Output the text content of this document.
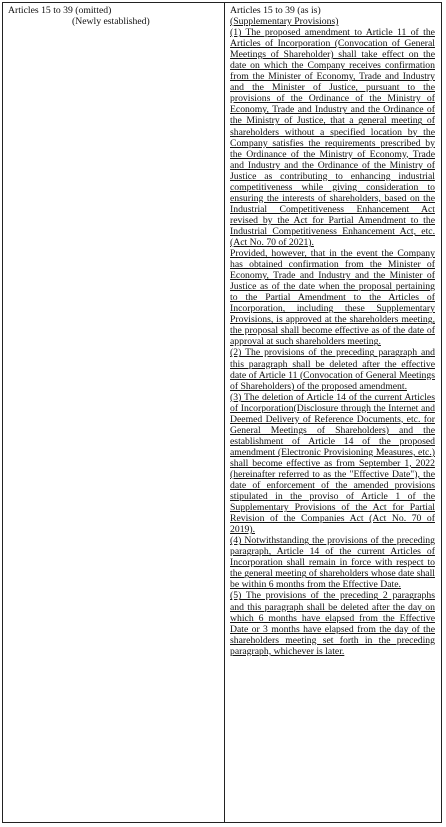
Articles 15 to 39 (omitted)
(Newly established)
Articles 15 to 39 (as is)
(Supplementary Provisions)

(1) The proposed amendment to Article 11 of the Articles of Incorporation (Convocation of General Meetings of Shareholder) shall take effect on the date on which the Company receives confirmation from the Minister of Economy, Trade and Industry and the Minister of Justice, pursuant to the provisions of the Ordinance of the Ministry of Economy, Trade and Industry and the Ordinance of the Ministry of Justice, that a general meeting of shareholders without a specified location by the Company satisfies the requirements prescribed by the Ordinance of the Ministry of Economy, Trade and Industry and the Ordinance of the Ministry of Justice as contributing to enhancing industrial competitiveness while giving consideration to ensuring the interests of shareholders, based on the Industrial Competitiveness Enhancement Act revised by the Act for Partial Amendment to the Industrial Competitiveness Enhancement Act, etc. (Act No. 70 of 2021).

Provided, however, that in the event the Company has obtained confirmation from the Minister of Economy, Trade and Industry and the Minister of Justice as of the date when the proposal pertaining to the Partial Amendment to the Articles of Incorporation, including these Supplementary Provisions, is approved at the shareholders meeting, the proposal shall become effective as of the date of approval at such shareholders meeting.

(2) The provisions of the preceding paragraph and this paragraph shall be deleted after the effective date of Article 11 (Convocation of General Meetings of Shareholders) of the proposed amendment.

(3) The deletion of Article 14 of the current Articles of Incorporation(Disclosure through the Internet and Deemed Delivery of Reference Documents, etc. for General Meetings of Shareholders) and the establishment of Article 14 of the proposed amendment (Electronic Provisioning Measures, etc.) shall become effective as from September 1, 2022 (hereinafter referred to as the "Effective Date"), the date of enforcement of the amended provisions stipulated in the proviso of Article 1 of the Supplementary Provisions of the Act for Partial Revision of the Companies Act (Act No. 70 of 2019).

(4) Notwithstanding the provisions of the preceding paragraph, Article 14 of the current Articles of Incorporation shall remain in force with respect to the general meeting of shareholders whose date shall be within 6 months from the Effective Date.

(5) The provisions of the preceding 2 paragraphs and this paragraph shall be deleted after the day on which 6 months have elapsed from the Effective Date or 3 months have elapsed from the day of the shareholders meeting set forth in the preceding paragraph, whichever is later.
